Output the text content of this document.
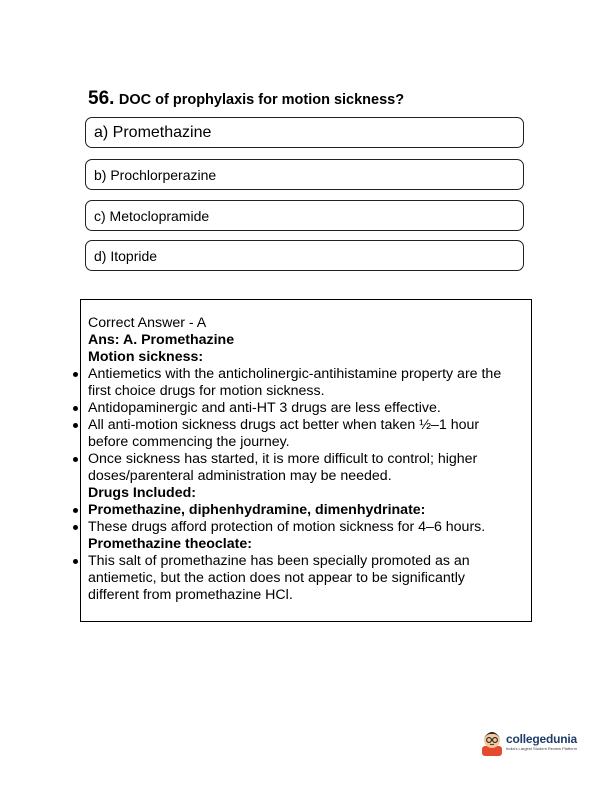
56. DOC of prophylaxis for motion sickness?
a) Promethazine
b) Prochlorperazine
c) Metoclopramide
d) Itopride
Correct Answer - A
Ans: A. Promethazine
Motion sickness:
Antiemetics with the anticholinergic-antihistamine property are the
first choice drugs for motion sickness.
Antidopaminergic and anti-HT 3 drugs are less effective.
All anti-motion sickness drugs act better when taken ½–1 hour
before commencing the journey.
Once sickness has started, it is more difficult to control; higher
doses/parenteral administration may be needed.
Drugs Included:
Promethazine, diphenhydramine, dimenhydrinate:
These drugs afford protection of motion sickness for 4–6 hours.
Promethazine theoclate:
This salt of promethazine has been specially promoted as an
antiemetic, but the action does not appear to be significantly
different from promethazine HCl.
collegedunia
India's Largest Student Review Platform
